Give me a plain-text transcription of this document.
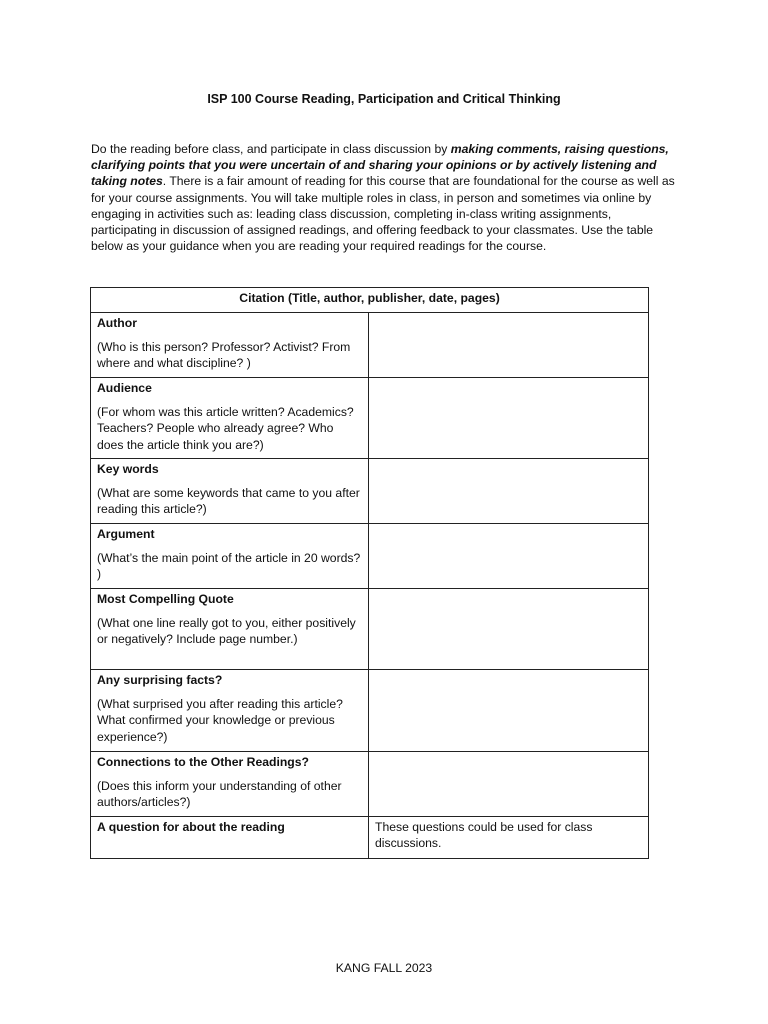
ISP 100 Course Reading, Participation and Critical Thinking

Do the reading before class, and participate in class discussion by making comments, raising questions, clarifying points that you were uncertain of and sharing your opinions or by actively listening and taking notes. There is a fair amount of reading for this course that are foundational for the course as well as for your course assignments. You will take multiple roles in class, in person and sometimes via online by engaging in activities such as: leading class discussion, completing in-class writing assignments, participating in discussion of assigned readings, and offering feedback to your classmates. Use the table below as your guidance when you are reading your required readings for the course.

Citation (Title, author, publisher, date, pages)	

Author
(Who is this person? Professor? Activist? From where and what discipline? )	

Audience
(For whom was this article written? Academics? Teachers? People who already agree? Who does the article think you are?)	

Key words
(What are some keywords that came to you after reading this article?)	

Argument
(What’s the main point of the article in 20 words? )	

Most Compelling Quote
(What one line really got to you, either positively or negatively? Include page number.)	

Any surprising facts?
(What surprised you after reading this article? What confirmed your knowledge or previous experience?)	

Connections to the Other Readings?
(Does this inform your understanding of other authors/articles?)	

A question for about the reading	These questions could be used for class discussions.
KANG FALL 2023
